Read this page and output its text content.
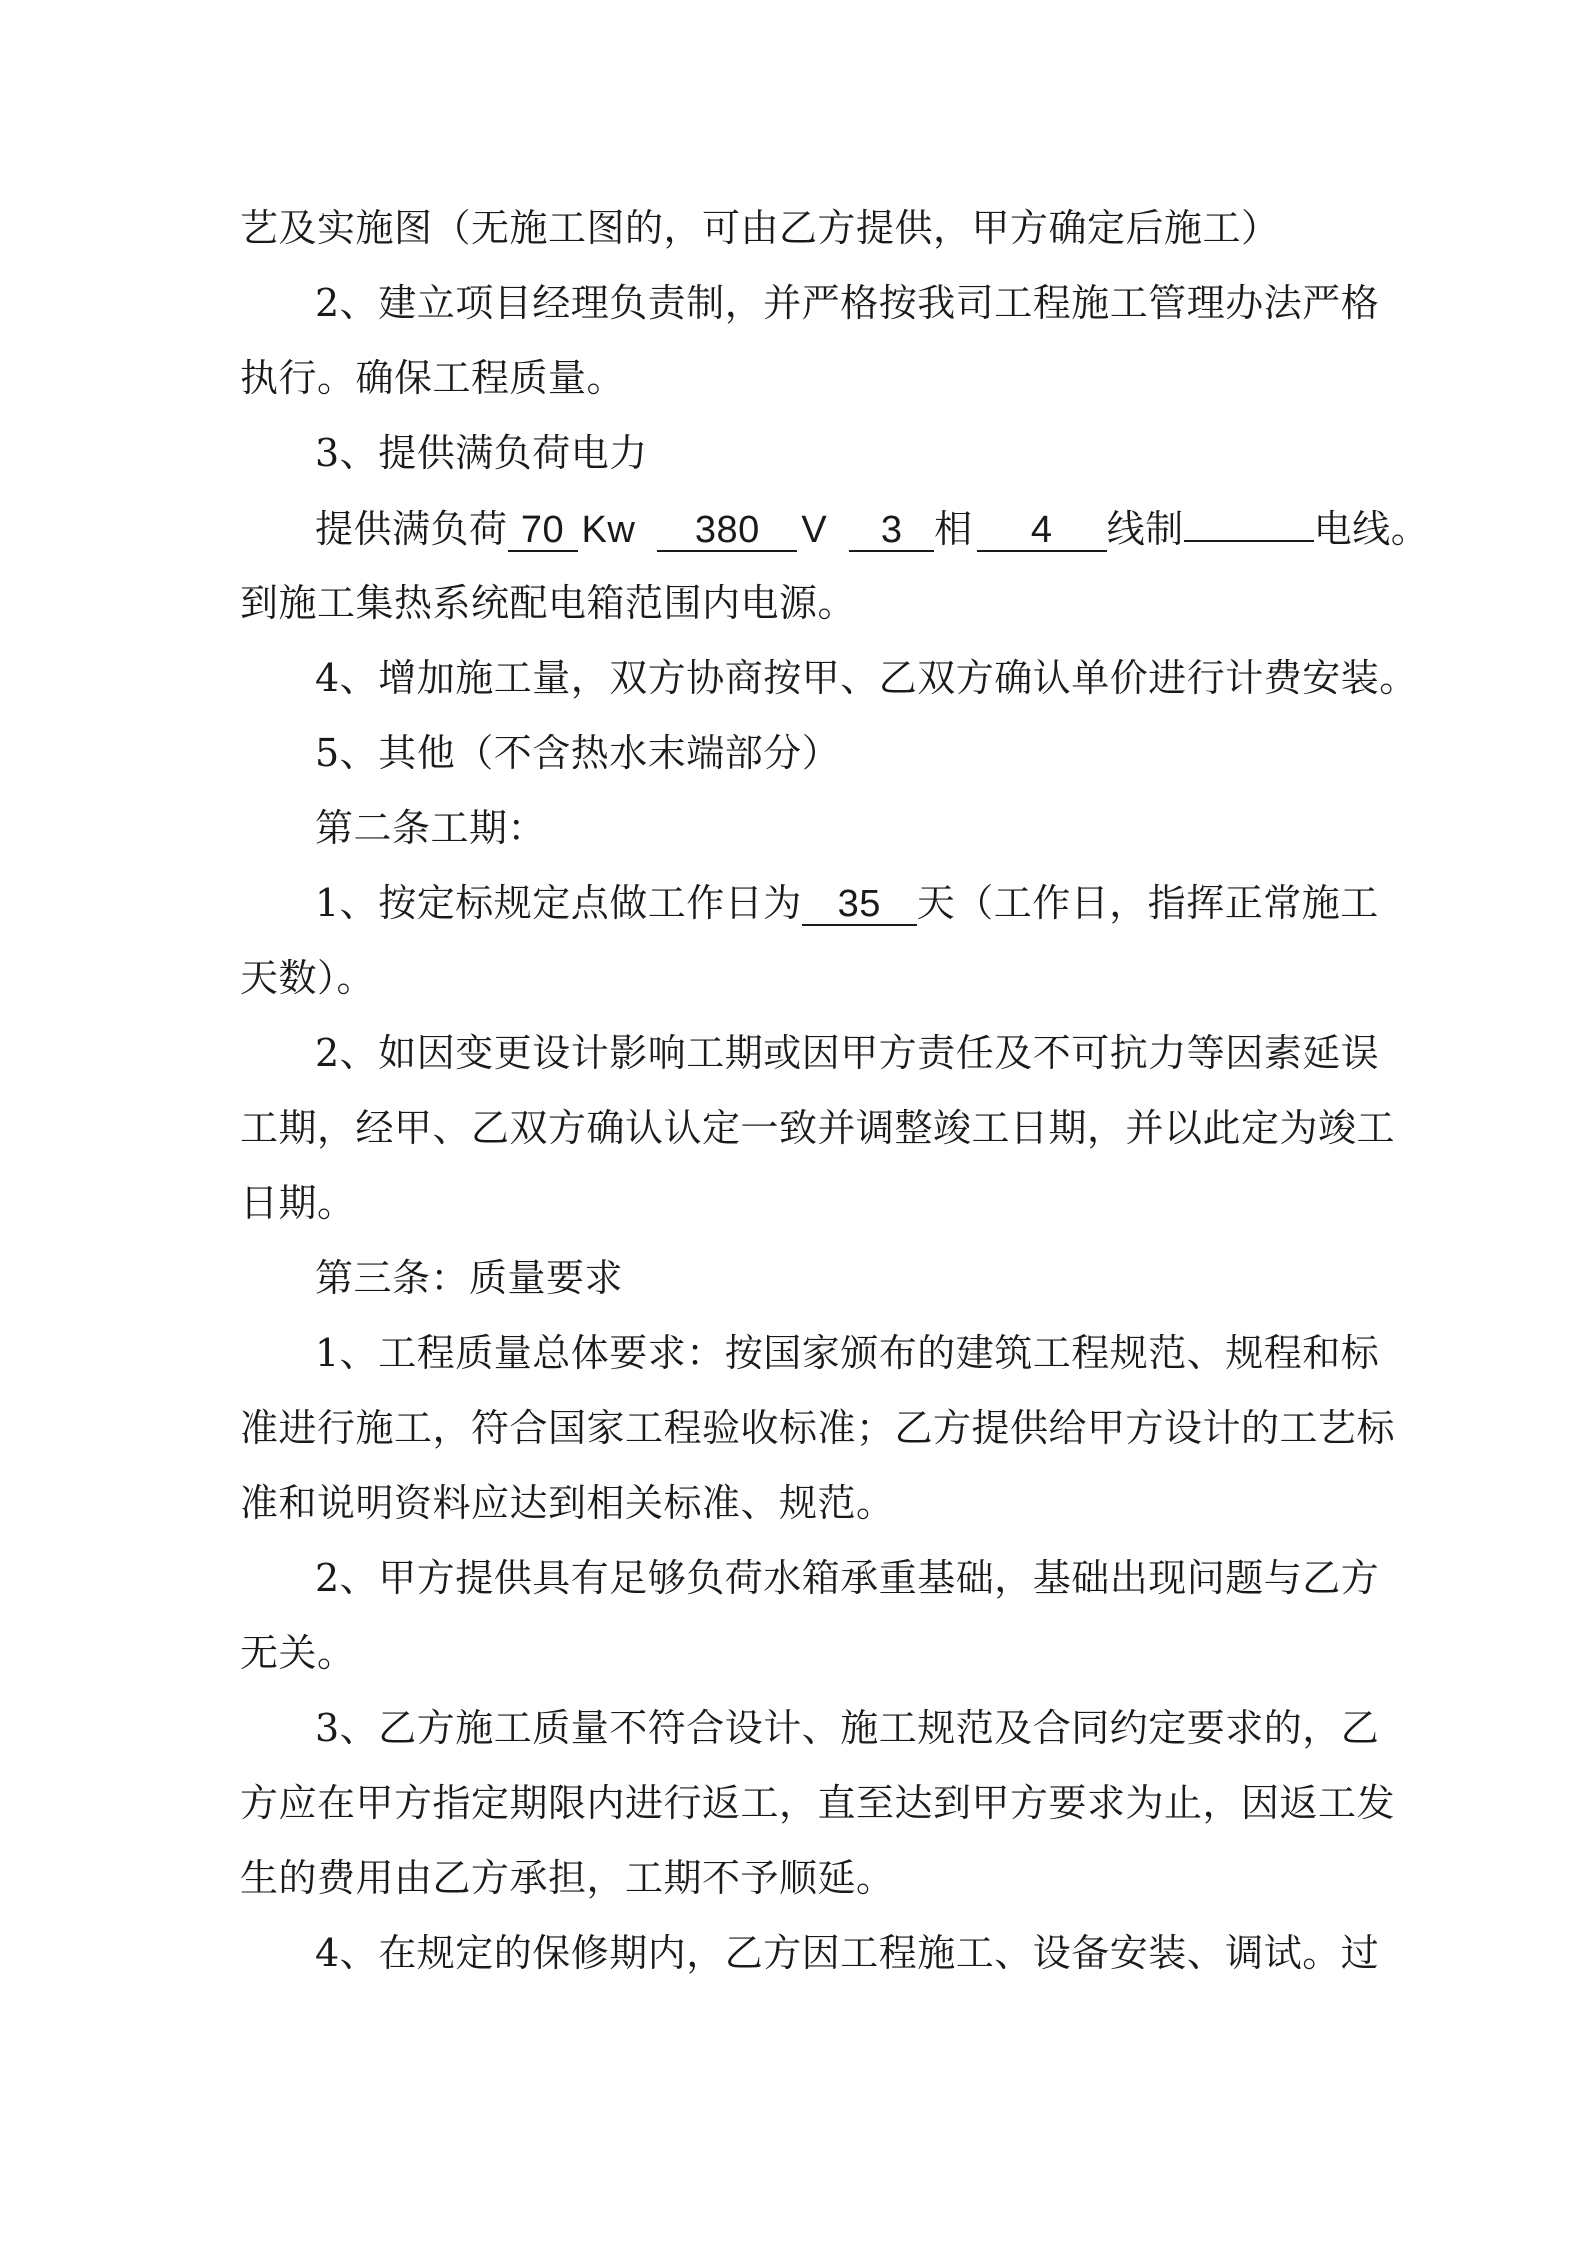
艺及实施图（无施工图的，可由乙方提供，甲方确定后施工）
2、建立项目经理负责制，并严格按我司工程施工管理办法严格
执行。确保工程质量。
3、提供满负荷电力
提供满负荷 70 Kw 380 V 3 相 4 线制	电线。
到施工集热系统配电箱范围内电源。
4、增加施工量，双方协商按甲、乙双方确认单价进行计费安装。
5、其他（不含热水末端部分）
第二条工期：
1、按定标规定点做工作日为 35 天（工作日，指挥正常施工
天数）。
2、如因变更设计影响工期或因甲方责任及不可抗力等因素延误
工期，经甲、乙双方确认认定一致并调整竣工日期，并以此定为竣工
日期。
第三条：质量要求
1、工程质量总体要求：按国家颁布的建筑工程规范、规程和标
准进行施工，符合国家工程验收标准；乙方提供给甲方设计的工艺标
准和说明资料应达到相关标准、规范。
2、甲方提供具有足够负荷水箱承重基础，基础出现问题与乙方
无关。
3、乙方施工质量不符合设计、施工规范及合同约定要求的，乙
方应在甲方指定期限内进行返工，直至达到甲方要求为止，因返工发
生的费用由乙方承担，工期不予顺延。
4、在规定的保修期内，乙方因工程施工、设备安装、调试。过
